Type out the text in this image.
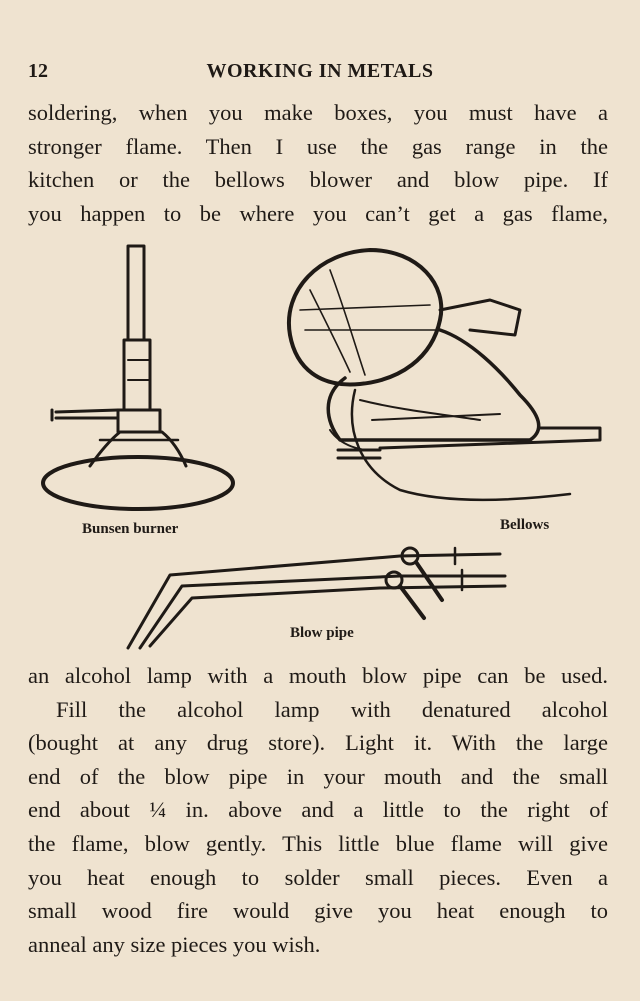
12	WORKING IN METALS

soldering, when you make boxes, you must have a

stronger flame. Then I use the gas range in the

kitchen or the bellows blower and blow pipe. If

you happen to be where you can’t get a gas flame,

Bunsen burner	Bellows
Blow pipe

an alcohol lamp with a mouth blow pipe can be used.

Fill the alcohol lamp with denatured alcohol

(bought at any drug store). Light it. With the large

end of the blow pipe in your mouth and the small

end about ¼ in. above and a little to the right of

the flame, blow gently. This little blue flame will give

you heat enough to solder small pieces. Even a

small wood fire would give you heat enough to

anneal any size pieces you wish.
